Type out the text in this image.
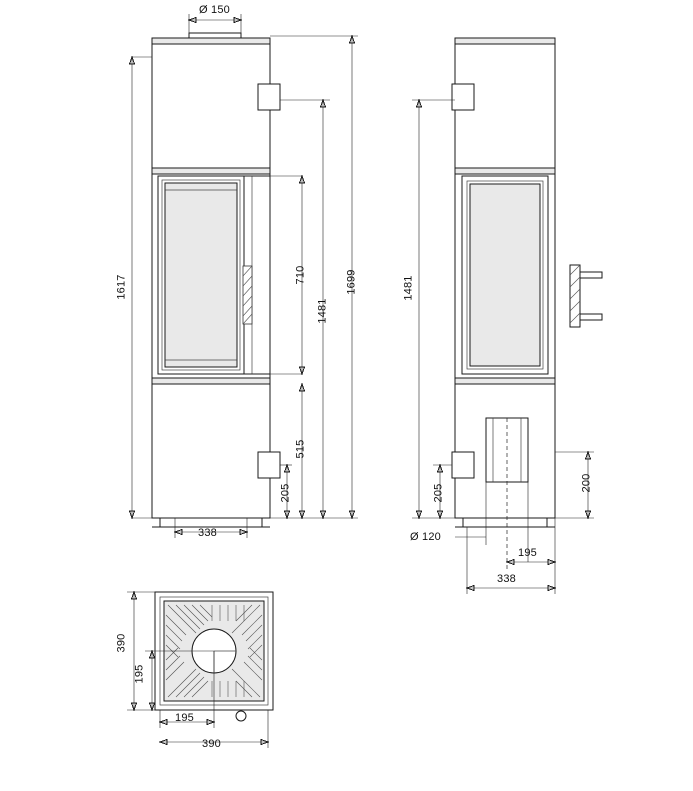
Ø 150
1617	710
1481
1699
515
205
338
1481
205
200
Ø 120
195
338
390
195
195
390
